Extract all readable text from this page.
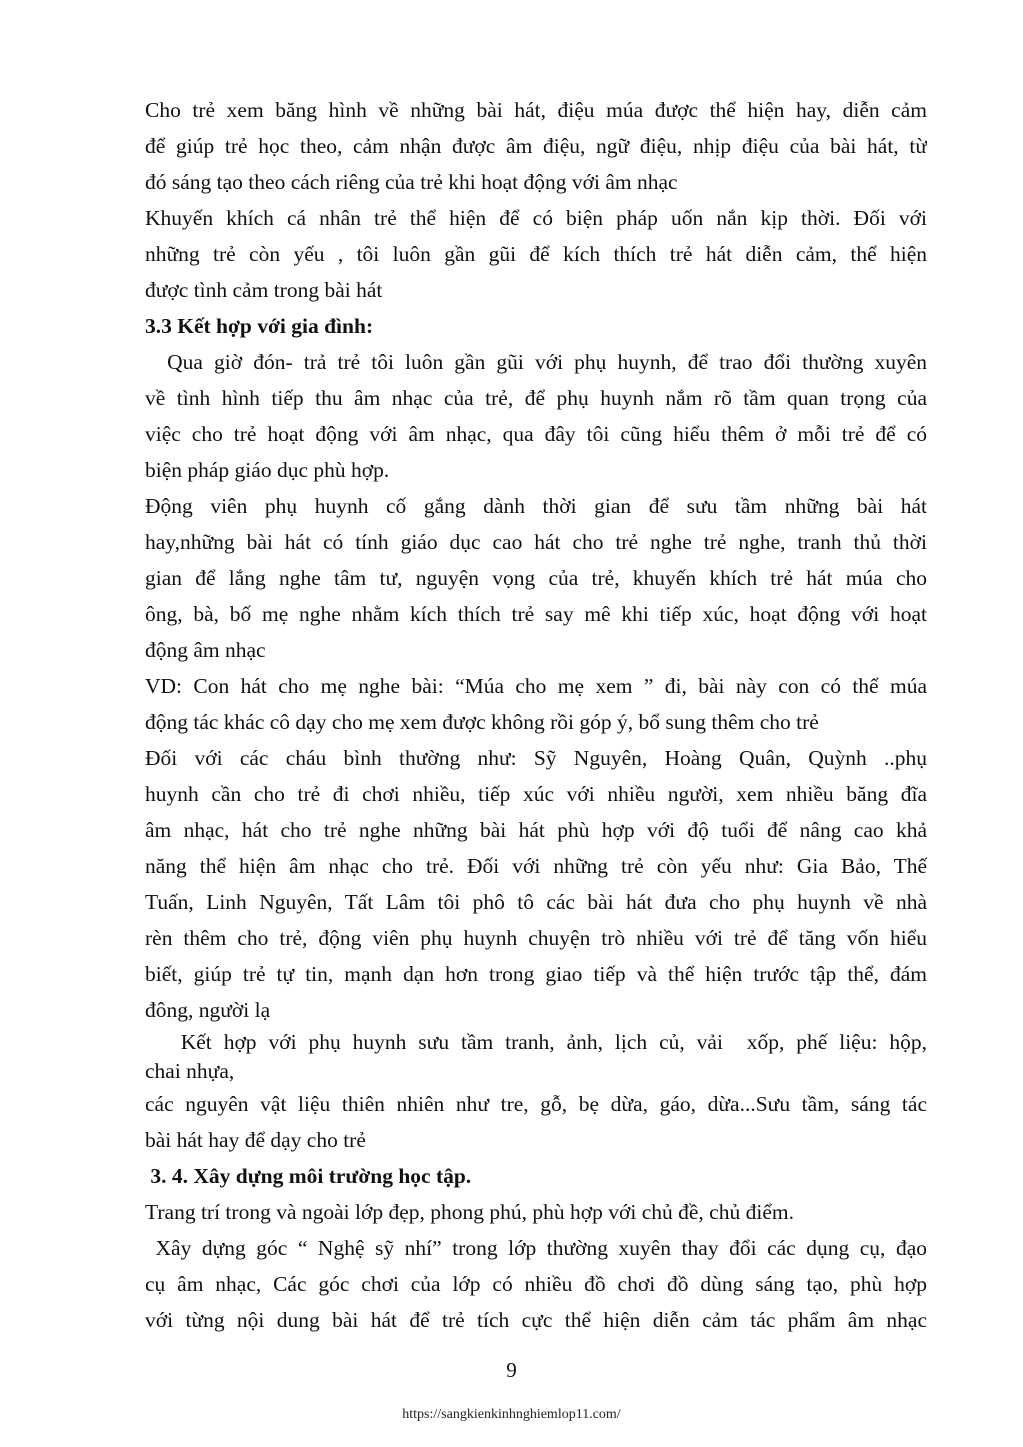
Cho trẻ xem băng hình về những bài hát, điệu múa được thể hiện hay, diễn cảm
để giúp trẻ học theo, cảm nhận được âm điệu, ngữ điệu, nhịp điệu của bài hát, từ
đó sáng tạo theo cách riêng của trẻ khi hoạt động với âm nhạc
Khuyến khích cá nhân trẻ thể hiện để có biện pháp uốn nắn kịp thời. Đối với
những trẻ còn yếu , tôi luôn gần gũi để kích thích trẻ hát diễn cảm, thể hiện
được tình cảm trong bài hát
3.3 Kết hợp với gia đình:
Qua giờ đón- trả trẻ tôi luôn gần gũi với phụ huynh, để trao đổi thường xuyên
về tình hình tiếp thu âm nhạc của trẻ, để phụ huynh nắm rõ tầm quan trọng của
việc cho trẻ hoạt động với âm nhạc, qua đây tôi cũng hiểu thêm ở mỗi trẻ để có
biện pháp giáo dục phù hợp.
Động viên phụ huynh cố gắng dành thời gian để sưu tầm những bài hát
hay,những bài hát có tính giáo dục cao hát cho trẻ nghe trẻ nghe, tranh thủ thời
gian để lắng nghe tâm tư, nguyện vọng của trẻ, khuyến khích trẻ hát múa cho
ông, bà, bố mẹ nghe nhằm kích thích trẻ say mê khi tiếp xúc, hoạt động với hoạt
động âm nhạc
VD: Con hát cho mẹ nghe bài: “Múa cho mẹ xem ” đi, bài này con có thể múa
động tác khác cô dạy cho mẹ xem được không rồi góp ý, bổ sung thêm cho trẻ
Đối với các cháu bình thường như: Sỹ Nguyên, Hoàng Quân, Quỳnh ..phụ
huynh cần cho trẻ đi chơi nhiều, tiếp xúc với nhiều người, xem nhiều băng đĩa
âm nhạc, hát cho trẻ nghe những bài hát phù hợp với độ tuổi để nâng cao khả
năng thể hiện âm nhạc cho trẻ. Đối với những trẻ còn yếu như: Gia Bảo, Thế
Tuấn, Linh Nguyên, Tất Lâm tôi phô tô các bài hát đưa cho phụ huynh về nhà
rèn thêm cho trẻ, động viên phụ huynh chuyện trò nhiều với trẻ để tăng vốn hiểu
biết, giúp trẻ tự tin, mạnh dạn hơn trong giao tiếp và thể hiện trước tập thể, đám
đông, người lạ
Kết hợp với phụ huynh sưu tầm tranh, ảnh, lịch củ, vải  xốp, phế liệu: hộp,
chai nhựa,
các nguyên vật liệu thiên nhiên như tre, gỗ, bẹ dừa, gáo, dừa...Sưu tầm, sáng tác
bài hát hay để dạy cho trẻ
3. 4. Xây dựng môi trường học tập.
Trang trí trong và ngoài lớp đẹp, phong phú, phù hợp với chủ đề, chủ điểm.
Xây dựng góc “ Nghệ sỹ nhí” trong lớp thường xuyên thay đổi các dụng cụ, đạo
cụ âm nhạc, Các góc chơi của lớp có nhiều đồ chơi đồ dùng sáng tạo, phù hợp
với từng nội dung bài hát để trẻ tích cực thể hiện diễn cảm tác phẩm âm nhạc
9
https://sangkienkinhnghiemlop11.com/
